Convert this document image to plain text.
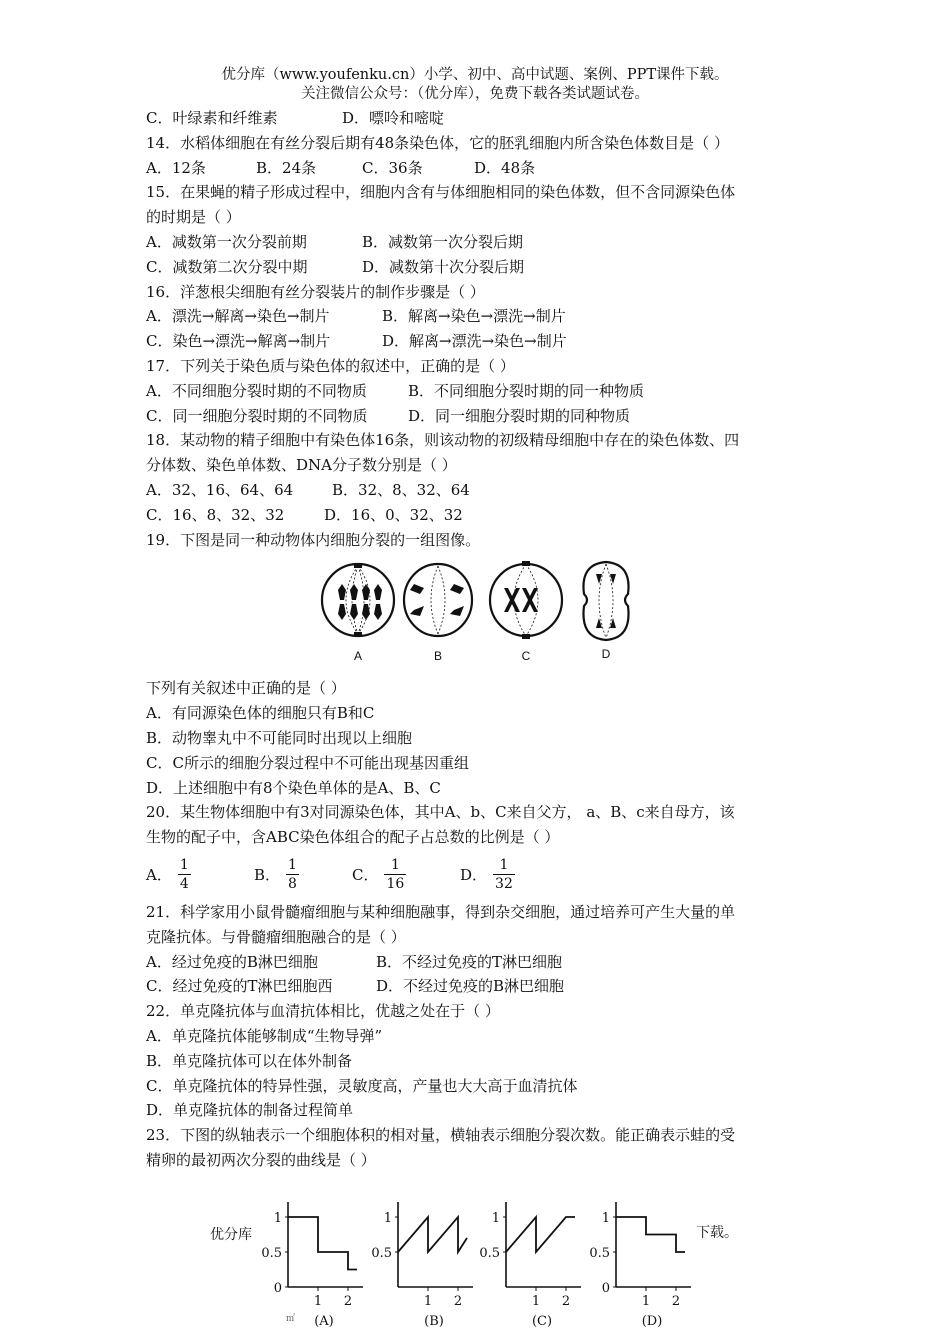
优分库（www.youfenku.cn）小学、初中、高中试题、案例、PPT课件下载。
关注微信公众号：（优分库），免费下载各类试题试卷。
C．叶绿素和纤维素	D．嘌呤和嘧啶
14．水稻体细胞在有丝分裂后期有48条染色体，它的胚乳细胞内所含染色体数目是（ ）
A．12条	B．24条	C．36条	D．48条
15．在果蝇的精子形成过程中，细胞内含有与体细胞相同的染色体数，但不含同源染色体
的时期是（ ）
A．减数第一次分裂前期	B．减数第一次分裂后期
C．减数第二次分裂中期	D．减数第十次分裂后期
16．洋葱根尖细胞有丝分裂装片的制作步骤是（ ）
A．漂洗→解离→染色→制片	B．解离→染色→漂洗→制片
C．染色→漂洗→解离→制片	D．解离→漂洗→染色→制片
17．下列关于染色质与染色体的叙述中，正确的是（ ）
A．不同细胞分裂时期的不同物质	B．不同细胞分裂时期的同一种物质
C．同一细胞分裂时期的不同物质	D．同一细胞分裂时期的同种物质
18．某动物的精子细胞中有染色体16条，则该动物的初级精母细胞中存在的染色体数、四
分体数、染色单体数、DNA分子数分别是（ ）
A．32、16、64、64	B．32、8、32、64
C．16、8、32、32	D．16、0、32、32
19．下图是同一种动物体内细胞分裂的一组图像。
A	B	C	D
下列有关叙述中正确的是（ ）
A．有同源染色体的细胞只有B和C
B．动物睾丸中不可能同时出现以上细胞
C．C所示的细胞分裂过程中不可能出现基因重组
D．上述细胞中有8个染色单体的是A、B、C
20．某生物体细胞中有3对同源染色体，其中A、b、C来自父方， a、B、c来自母方，该
生物的配子中，含ABC染色体组合的配子占总数的比例是（ ）
A． $\frac{1}{4}$	B． $\frac{1}{8}$	C． $\frac{1}{16}$	D． $\frac{1}{32}$
21．科学家用小鼠骨髓瘤细胞与某种细胞融事，得到杂交细胞，通过培养可产生大量的单
克隆抗体。与骨髓瘤细胞融合的是（ ）
A．经过免疫的B淋巴细胞	B．不经过免疫的T淋巴细胞
C．经过免疫的T淋巴细胞西	D．不经过免疫的B淋巴细胞
22．单克隆抗体与血清抗体相比，优越之处在于（ ）
A．单克隆抗体能够制成“生物导弹”
B．单克隆抗体可以在体外制备
C．单克隆抗体的特异性强，灵敏度高，产量也大大高于血清抗体
D．单克隆抗体的制备过程简单
23．下图的纵轴表示一个细胞体积的相对量，横轴表示细胞分裂次数。能正确表示蛙的受
精卵的最初两次分裂的曲线是（ ）
优分库	下载。
㎡
0
0.5
1
1 2
(A)
0.5
1
1 2
(B)
0.5
1
1 2
(C)
0
0.5
1
1 2
(D)
